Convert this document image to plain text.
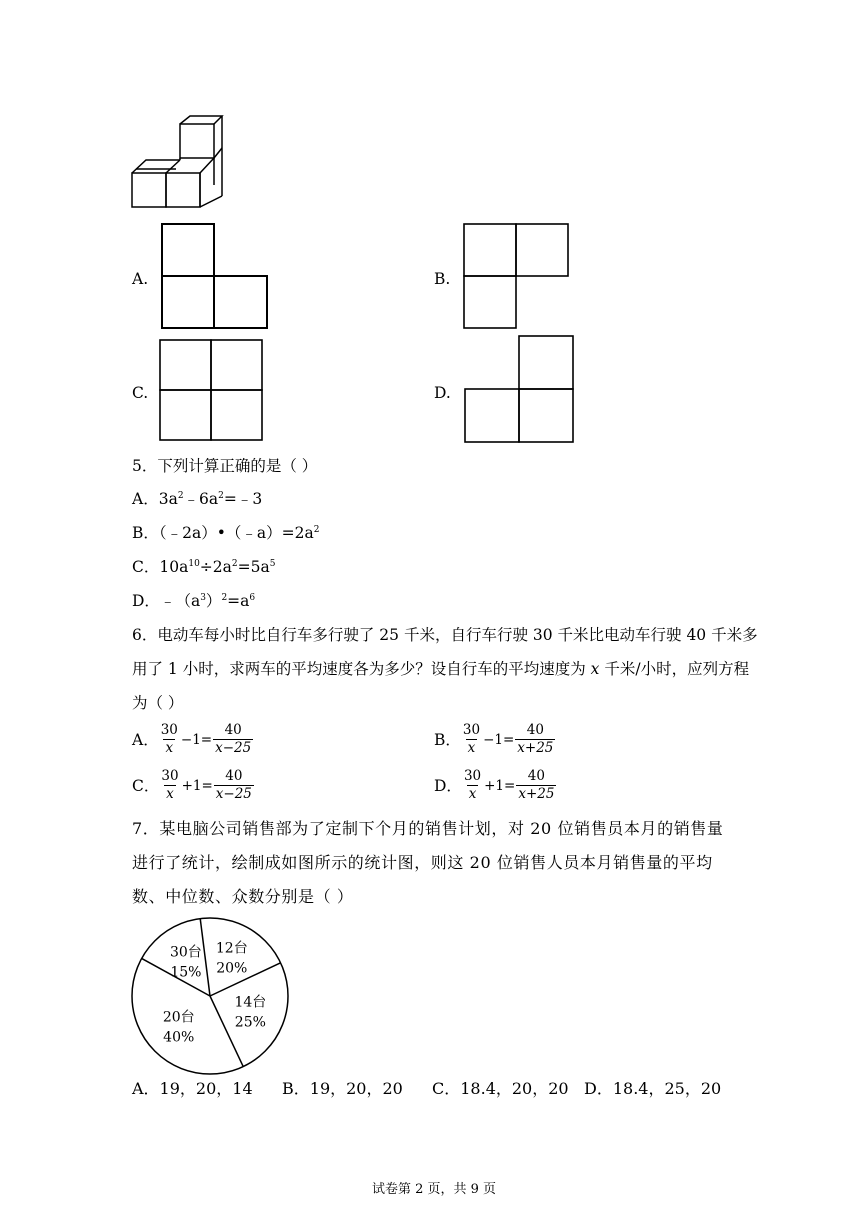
A.	B.
C.	D.
5．下列计算正确的是（ ）
A．$3a^2﹣6a^2=﹣3$
B．$(﹣2a)•(﹣a)=2a^2$
C．$10a^{10}\div 2a^2=5a^5$
D．$﹣(a^3)^2=a^6$
6．电动车每小时比自行车多行驶了 25 千米，自行车行驶 30 千米比电动车行驶 40 千米多
用了 1 小时，求两车的平均速度各为多少？设自行车的平均速度为 x 千米/小时，应列方程
为（ ）
A． $\frac{30}{x} -1= \frac{40}{x-25}$	B． $\frac{30}{x} -1= \frac{40}{x+25}$
C． $\frac{30}{x} +1= \frac{40}{x-25}$	D． $\frac{30}{x} +1= \frac{40}{x+25}$
7．某电脑公司销售部为了定制下个月的销售计划，对 20 位销售员本月的销售量
进行了统计，绘制成如图所示的统计图，则这 20 位销售人员本月销售量的平均
数、中位数、众数分别是（ ）
30台
15%
12台
20%
14台
25%
20台
40%
A．19，20，14 B．19，20，20 C．18.4，20，20 D．18.4，25，20
试卷第 2 页，共 9 页
